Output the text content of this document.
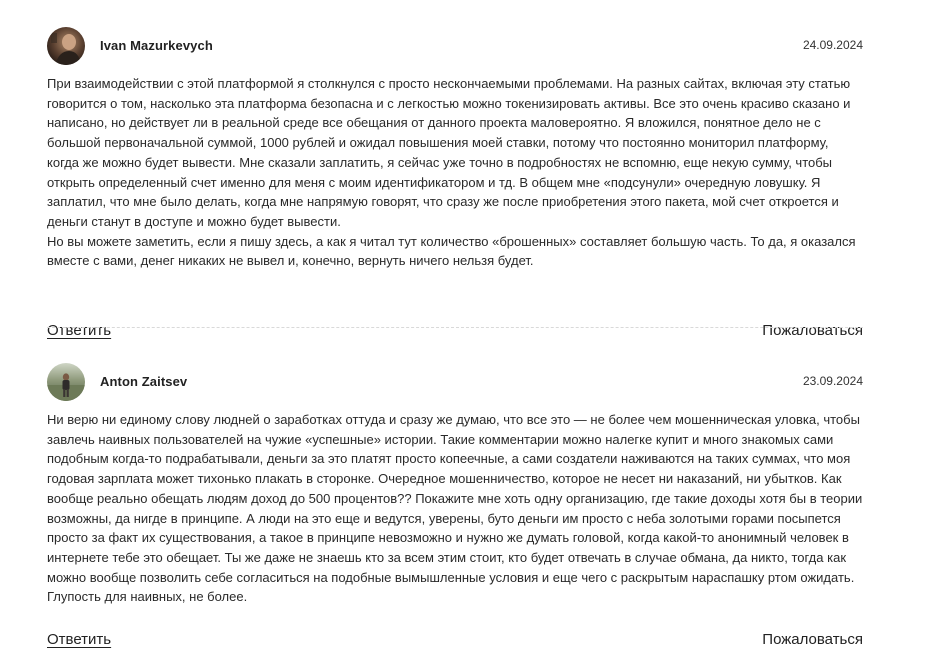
Ivan Mazurkevych	24.09.2024

При взаимодействии с этой платформой я столкнулся с просто нескончаемыми проблемами. На разных сайтах, включая эту статью говорится о том, насколько эта платформа безопасна и с легкостью можно токенизировать активы. Все это очень красиво сказано и написано, но действует ли в реальной среде все обещания от данного проекта маловероятно. Я вложился, понятное дело не с большой первоначальной суммой, 1000 рублей и ожидал повышения моей ставки, потому что постоянно мониторил платформу, когда же можно будет вывести. Мне сказали заплатить, я сейчас уже точно в подробностях не вспомню, еще некую сумму, чтобы открыть определенный счет именно для меня с моим идентификатором и тд. В общем мне «подсунули» очередную ловушку. Я заплатил, что мне было делать, когда мне напрямую говорят, что сразу же после приобретения этого пакета, мой счет откроется и деньги станут в доступе и можно будет вывести.

Но вы можете заметить, если я пишу здесь, а как я читал тут количество «брошенных» составляет большую часть. То да, я оказался вместе с вами, денег никаких не вывел и, конечно, вернуть ничего нельзя будет.

Ответить	Пожаловаться
Anton Zaitsev	23.09.2024

Ни верю ни единому слову людней о заработках оттуда и сразу же думаю, что все это — не более чем мошенническая уловка, чтобы завлечь наивных пользователей на чужие «успешные» истории. Такие комментарии можно налегке купит и много знакомых сами подобным когда-то подрабатывали, деньги за это платят просто копеечные, а сами создатели наживаются на таких суммах, что моя годовая зарплата может тихонько плакать в сторонке. Очередное мошенничество, которое не несет ни наказаний, ни убытков. Как вообще реально обещать людям доход до 500 процентов?? Покажите мне хоть одну организацию, где такие доходы хотя бы в теории возможны, да нигде в принципе. А люди на это еще и ведутся, уверены, буто деньги им просто с неба золотыми горами посыпется просто за факт их существования, а такое в принципе невозможно и нужно же думать головой, когда какой-то анонимный человек в интернете тебе это обещает. Ты же даже не знаешь кто за всем этим стоит, кто будет отвечать в случае обмана, да никто, тогда как можно вообще позволить себе согласиться на подобные вымышленные условия и еще чего с раскрытым нараспашку ртом ожидать. Глупость для наивных, не более.

Ответить	Пожаловаться
